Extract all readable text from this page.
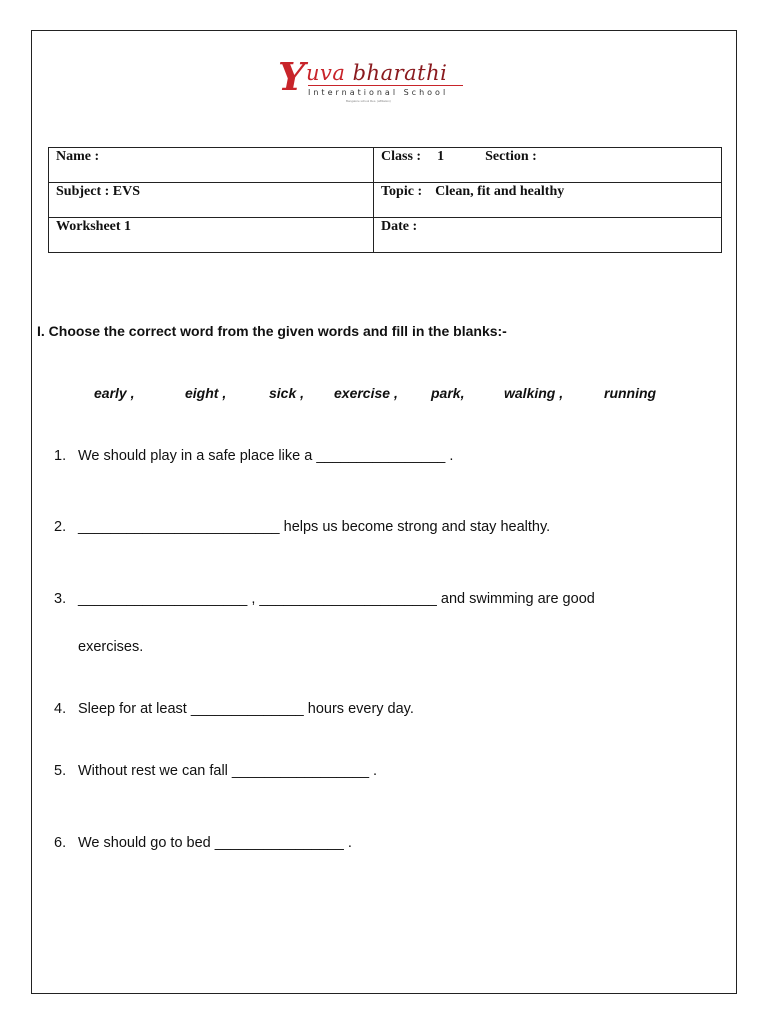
Y uva bharathi
International School
Bangalore school Res. (affiliation)
Name :	Class : 1 Section :
Subject : EVS	Topic : Clean, fit and healthy
Worksheet 1	Date :
I. Choose the correct word from the given words and fill in the blanks:-
early ,	eight ,	sick , exercise , park,	walking ,	running
1. We should play in a safe place like a ________________ .
2. _________________________ helps us become strong and stay healthy.
3. _____________________ , ______________________ and swimming are good
exercises.
4. Sleep for at least ______________ hours every day.
5. Without rest we can fall _________________ .
6. We should go to bed ________________ .
